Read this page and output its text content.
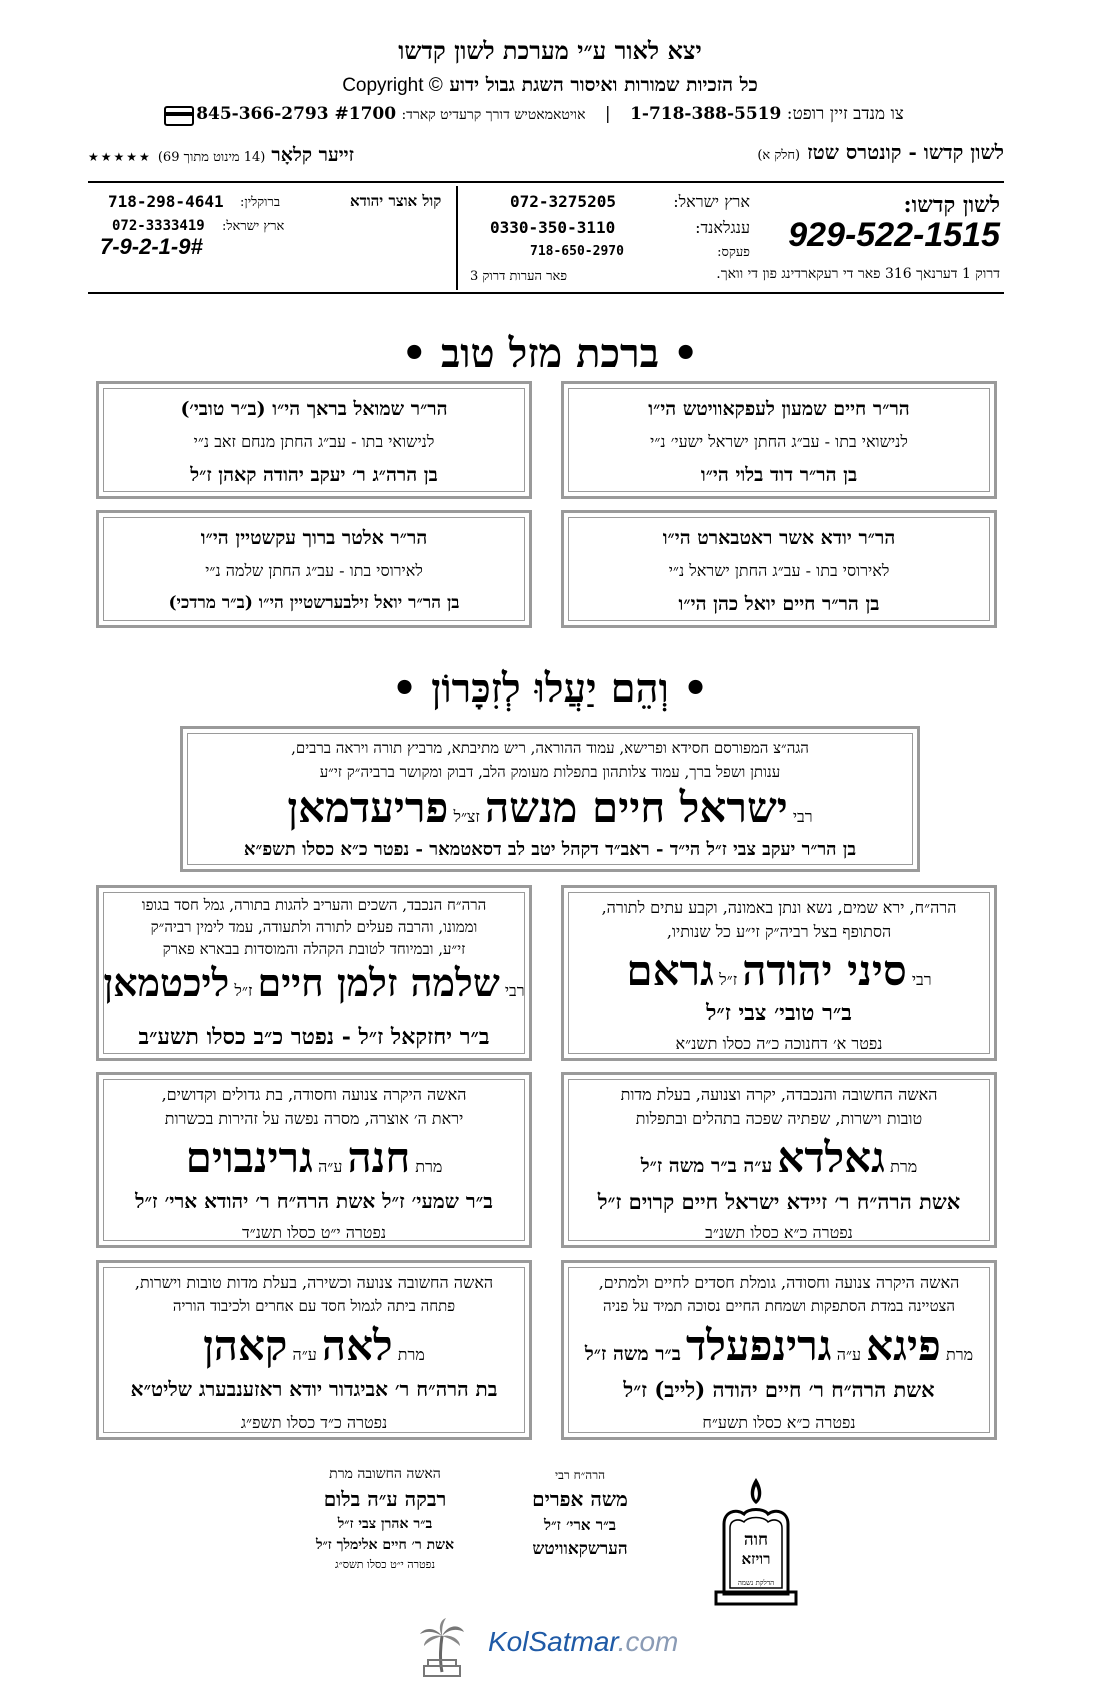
יצא לאור ע״י מערכת לשון קדשו
כל הזכיות שמורות ואיסור השגת גבול ידוע Copyright ©
צו מנדב זיין רופט: 1-718-388-5519 | אויטאמאטיש דורך קרעדיט קארד: 845-366-2793 #1700
לשון קדשו - קונטרס שטז (חלק א)
זייער קלאָר (14 מינוט מתוך 69) ★★★★★
לשון קדשו:
929-522-1515
דרוק 1 דערנאך 316 פאר די רעקארדינג פון די וואך.
ארץ ישראל:
072-3275205
ענגלאנד:
0330-350-3110
פעקס:
718-650-2970
פאר הערות דרוק 3
קול אוצר יהודא
ברוקלין:
718-298-4641
ארץ ישראל:
072-3333419
7-9-2-1-9#
• ברכת מזל טוב •
הר״ר חיים שמעון לעפקאוויטש הי״ו
לנישואי בתו - עב״ג החתן ישראל ישעי׳ נ״י
בן הר״ר דוד בלוי הי״ו
הר״ר שמואל בראך הי״ו (ב״ר טובי׳)
לנישואי בתו - עב״ג החתן מנחם זאב נ״י
בן הרה״ג ר׳ יעקב יהודה קאהן ז״ל
הר״ר יודא אשר ראטבארט הי״ו
לאירוסי בתו - עב״ג החתן ישראל נ״י
בן הר״ר חיים יואל כהן הי״ו
הר״ר אלטר ברוך עקשטיין הי״ו
לאירוסי בתו - עב״ג החתן שלמה נ״י
בן הר״ר יואל זילבערשטיין הי״ו (ב״ר מרדכי)
• וְהֵם יַעֲלוּ לְזִכָּרוֹן •
הגה״צ המפורסם חסידא ופרישא, עמוד ההוראה, ריש מתיבתא, מרביץ תורה ויראה ברבים,
ענותן ושפל ברך, עמוד צלותהון בתפלות מעומק הלב, דבוק ומקושר ברביה״ק זי״ע
רבי ישראל חיים מנשה זצ״ל פריעדמאן
בן הר״ר יעקב צבי ז״ל הי״ד - ראב״ד דקהל יטב לב דסאטמאר - נפטר כ״א כסלו תשפ״א
הרה״ח, ירא שמים, נשא ונתן באמונה, וקבע עתים לתורה,
הסתופף בצל רביה״ק זי״ע כל שנותיו,
רבי סיני יהודה ז״ל גראם
ב״ר טובי׳ צבי ז״ל
נפטר א׳ דחנוכה כ״ה כסלו תשנ״א
הרה״ח הנכבד, השכים והעריב להגות בתורה, גמל חסד בגופו
וממונו, והרבה פעלים לתורה ולתעודה, עמד לימין רביה״ק
זי״ע, ובמיוחד לטובת הקהלה והמוסדות בבארא פארק
רבי שלמה זלמן חיים ז״ל ליכטמאן
ב״ר יחזקאל ז״ל - נפטר כ״ב כסלו תשע״ב
האשה החשובה והנכבדה, יקרה וצנועה, בעלת מדות
טובות וישרות, שפתיה שפכה בתהלים ובתפלות
מרת גאלדא ע״ה ב״ר משה ז״ל
אשת הרה״ח ר׳ זיידא ישראל חיים קרוים ז״ל
נפטרה כ״א כסלו תשנ״ב
האשה היקרה צנועה וחסודה, בת גדולים וקדושים,
יראת ה׳ אוצרה, מסרה נפשה על זהירות בכשרות
מרת חנה ע״ה גרינבוים
ב״ר שמעי׳ ז״ל אשת הרה״ח ר׳ יהודא ארי׳ ז״ל
נפטרה י״ט כסלו תשנ״ד
האשה היקרה צנועה וחסודה, גומלת חסדים לחיים ולמתים,
הצטיינה במדת הסתפקות ושמחת החיים נסוכה תמיד על פניה
מרת פיגא ע״ה גרינפעלד ב״ר משה ז״ל
אשת הרה״ח ר׳ חיים יהודה (לייב) ז״ל
נפטרה כ״א כסלו תשע״ח
האשה החשובה צנועה וכשירה, בעלת מדות טובות וישרות,
פתחה ביתה לגמול חסד עם אחרים ולכיבוד הוריה
מרת לאה ע״ה קאהן
בת הרה״ח ר׳ אביגדור יודא ראזענבערג שליט״א
נפטרה כ״ד כסלו תשפ״ג
הרה״ח רבי
משה אפרים
ב״ר ארי׳ ז״ל
הערשקאוויטש
האשה החשובה מרת
רבקה ע״ה בלום
ב״ר אהרן צבי ז״ל
אשת ר׳ חיים אלימלך ז״ל
נפטרה י״ט כסלו תשס״ג
חוה
רויזא
הדלקת נשמה
KolSatmar.com
